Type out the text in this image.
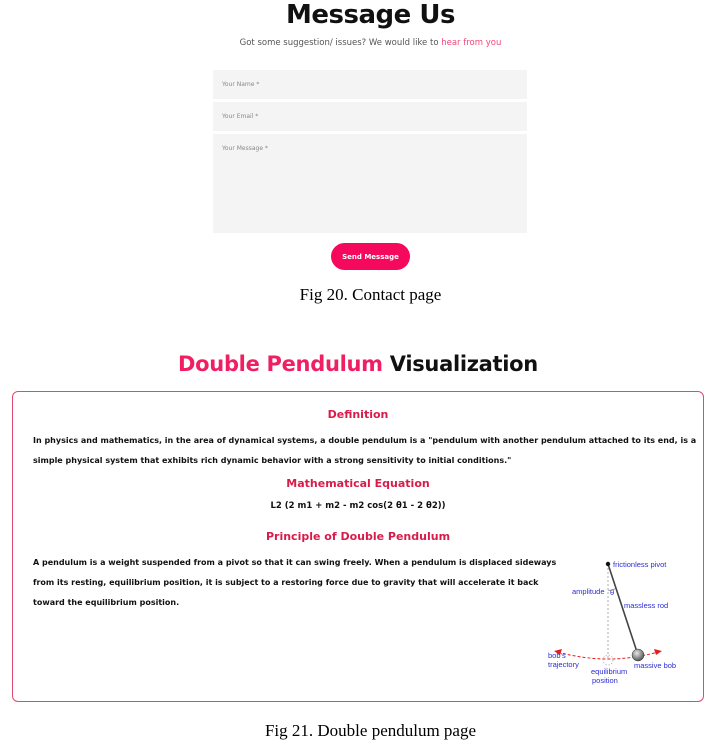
Message Us
Got some suggestion/ issues? We would like to hear from you
Your Name *
Your Email *
Your Message *
Send Message
Fig 20. Contact page
Double Pendulum Visualization
Definition
In physics and mathematics, in the area of dynamical systems, a double pendulum is a "pendulum with another pendulum attached to its end, is a
simple physical system that exhibits rich dynamic behavior with a strong sensitivity to initial conditions."
Mathematical Equation
L2 (2 m1 + m2 - m2 cos(2 θ1 - 2 θ2))
Principle of Double Pendulum
A pendulum is a weight suspended from a pivot so that it can swing freely. When a pendulum is displaced sideways
from its resting, equilibrium position, it is subject to a restoring force due to gravity that will accelerate it back
toward the equilibrium position.
frictionless pivot
amplitude θ
massless rod
bob's
trajectory
equilibrium
position
massive bob
Fig 21. Double pendulum page
